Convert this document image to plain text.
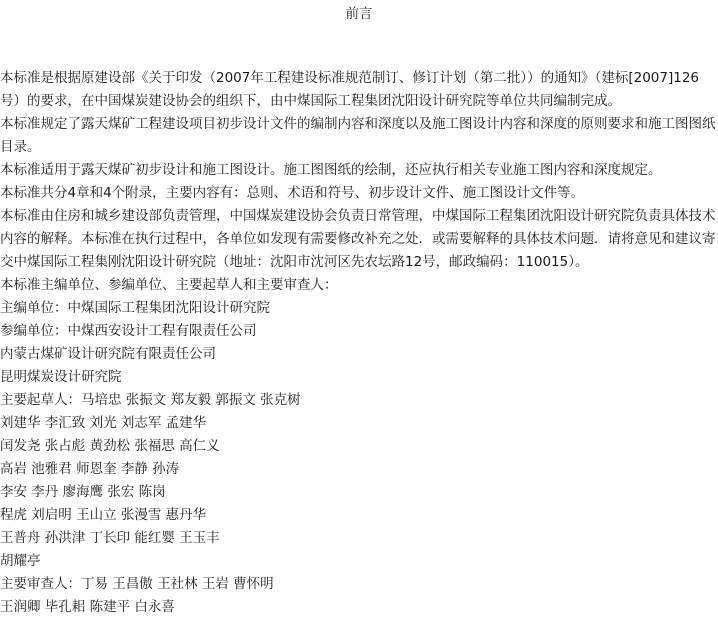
前言

本标准是根据原建设部《关于印发（2007年工程建设标准规范制订、修订计划（第二批））的通知》（建标[2007]126号）的要求，在中国煤炭建设协会的组织下，由中煤国际工程集团沈阳设计研究院等单位共同编制完成。

本标准规定了露天煤矿工程建设项目初步设计文件的编制内容和深度以及施工图设计内容和深度的原则要求和施工图图纸目录。

本标准适用于露天煤矿初步设计和施工图设计。施工图图纸的绘制，还应执行相关专业施工图内容和深度规定。

本标准共分4章和4个附录，主要内容有：总则、术语和符号、初步设计文件、施工图设计文件等。

本标准由住房和城乡建设部负责管理，中国煤炭建设协会负责日常管理，中煤国际工程集团沈阳设计研究院负责具体技术内容的解释。本标准在执行过程中，各单位如发现有需要修改补充之处．或需要解释的具体技术问题．请将意见和建议寄交中煤国际工程集刚沈阳设计研究院（地址：沈阳市沈河区先农坛路12号，邮政编码：110015）。

本标准主编单位、参编单位、主要起草人和主要审查人：

主编单位：中煤国际工程集团沈阳设计研究院

参编单位：中煤西安设计工程有限责任公司

内蒙古煤矿设计研究院有限责任公司

昆明煤炭设计研究院

主要起草人：马培忠 张振文 郑友毅 郭振文 张克树

刘建华 李汇致 刘光 刘志军 孟建华

闰发尧 张占彪 黄劲松 张福思 高仁义

高岩 池雅君 师恩奎 李静 孙涛

李安 李丹 廖海鹰 张宏 陈岗

程虎 刘启明 王山立 张漫雪 惠丹华

王普舟 孙洪津 丁长印 能红婴 王玉丰

胡耀亭

主要审查人：丁易 王昌傲 王社林 王岩 曹怀明

王润卿 毕孔耜 陈建平 白永喜
